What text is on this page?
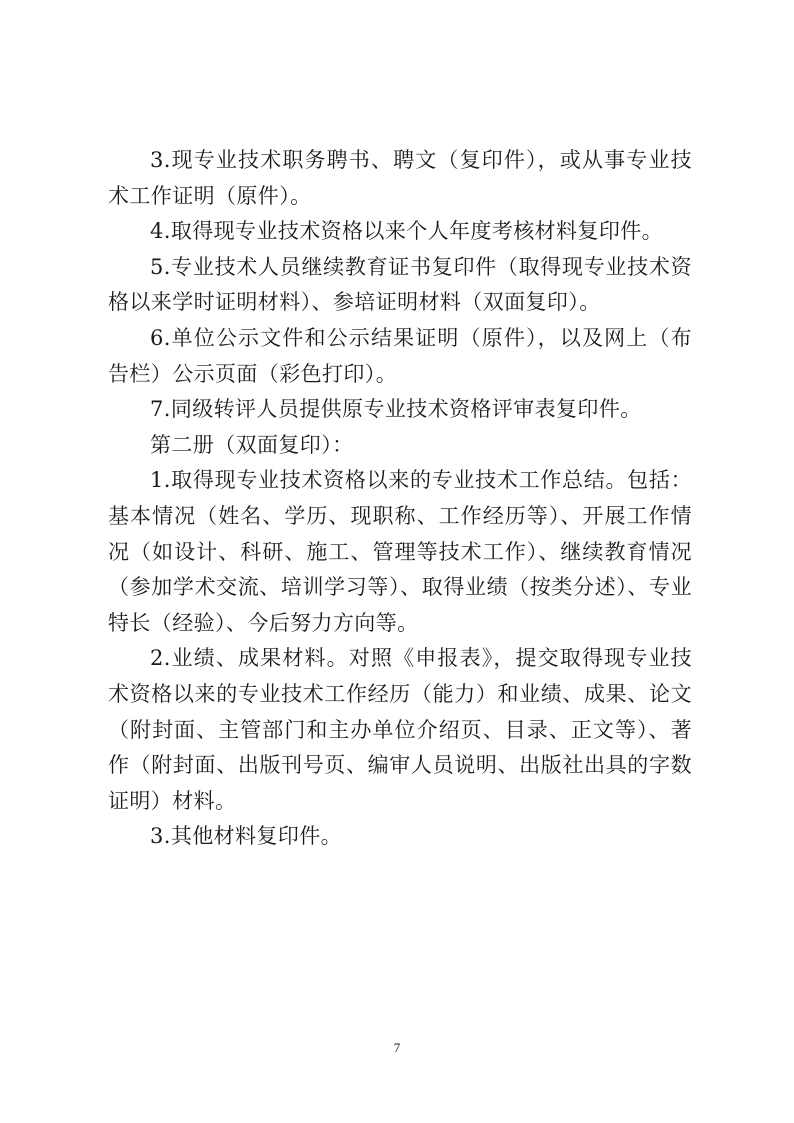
3.现专业技术职务聘书、聘文（复印件），或从事专业技术工作证明（原件）。

4.取得现专业技术资格以来个人年度考核材料复印件。

5.专业技术人员继续教育证书复印件（取得现专业技术资格以来学时证明材料）、参培证明材料（双面复印）。

6.单位公示文件和公示结果证明（原件），以及网上（布告栏）公示页面（彩色打印）。

7.同级转评人员提供原专业技术资格评审表复印件。

第二册（双面复印）：

1.取得现专业技术资格以来的专业技术工作总结。包括：基本情况（姓名、学历、现职称、工作经历等）、开展工作情况（如设计、科研、施工、管理等技术工作）、继续教育情况（参加学术交流、培训学习等）、取得业绩（按类分述）、专业特长（经验）、今后努力方向等。

2.业绩、成果材料。对照《申报表》，提交取得现专业技术资格以来的专业技术工作经历（能力）和业绩、成果、论文（附封面、主管部门和主办单位介绍页、目录、正文等）、著作（附封面、出版刊号页、编审人员说明、出版社出具的字数证明）材料。

3.其他材料复印件。

7
